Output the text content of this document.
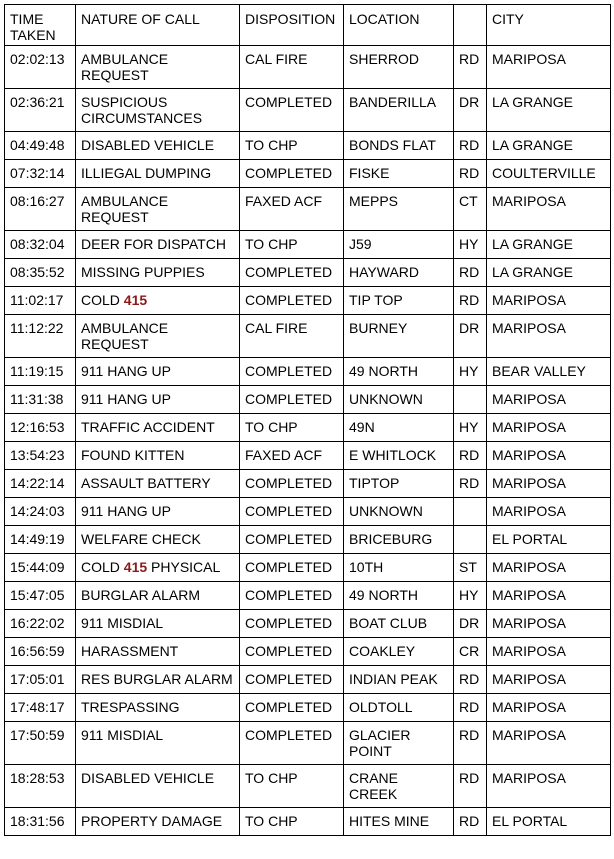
TIME TAKEN	NATURE OF CALL	DISPOSITION	LOCATION		CITY
02:02:13	AMBULANCE REQUEST	CAL FIRE	SHERROD	RD	MARIPOSA
02:36:21	SUSPICIOUS CIRCUMSTANCES	COMPLETED	BANDERILLA	DR	LA GRANGE
04:49:48	DISABLED VEHICLE	TO CHP	BONDS FLAT	RD	LA GRANGE
07:32:14	ILLIEGAL DUMPING	COMPLETED	FISKE	RD	COULTERVILLE
08:16:27	AMBULANCE REQUEST	FAXED ACF	MEPPS	CT	MARIPOSA
08:32:04	DEER FOR DISPATCH	TO CHP	J59	HY	LA GRANGE
08:35:52	MISSING PUPPIES	COMPLETED	HAYWARD	RD	LA GRANGE
11:02:17	COLD 415	COMPLETED	TIP TOP	RD	MARIPOSA
11:12:22	AMBULANCE REQUEST	CAL FIRE	BURNEY	DR	MARIPOSA
11:19:15	911 HANG UP	COMPLETED	49 NORTH	HY	BEAR VALLEY
11:31:38	911 HANG UP	COMPLETED	UNKNOWN		MARIPOSA
12:16:53	TRAFFIC ACCIDENT	TO CHP	49N	HY	MARIPOSA
13:54:23	FOUND KITTEN	FAXED ACF	E WHITLOCK	RD	MARIPOSA
14:22:14	ASSAULT BATTERY	COMPLETED	TIPTOP	RD	MARIPOSA
14:24:03	911 HANG UP	COMPLETED	UNKNOWN		MARIPOSA
14:49:19	WELFARE CHECK	COMPLETED	BRICEBURG		EL PORTAL
15:44:09	COLD 415 PHYSICAL	COMPLETED	10TH	ST	MARIPOSA
15:47:05	BURGLAR ALARM	COMPLETED	49 NORTH	HY	MARIPOSA
16:22:02	911 MISDIAL	COMPLETED	BOAT CLUB	DR	MARIPOSA
16:56:59	HARASSMENT	COMPLETED	COAKLEY	CR	MARIPOSA
17:05:01	RES BURGLAR ALARM	COMPLETED	INDIAN PEAK	RD	MARIPOSA
17:48:17	TRESPASSING	COMPLETED	OLDTOLL	RD	MARIPOSA
17:50:59	911 MISDIAL	COMPLETED	GLACIER POINT	RD	MARIPOSA
18:28:53	DISABLED VEHICLE	TO CHP	CRANE CREEK	RD	MARIPOSA
18:31:56	PROPERTY DAMAGE	TO CHP	HITES MINE	RD	EL PORTAL
